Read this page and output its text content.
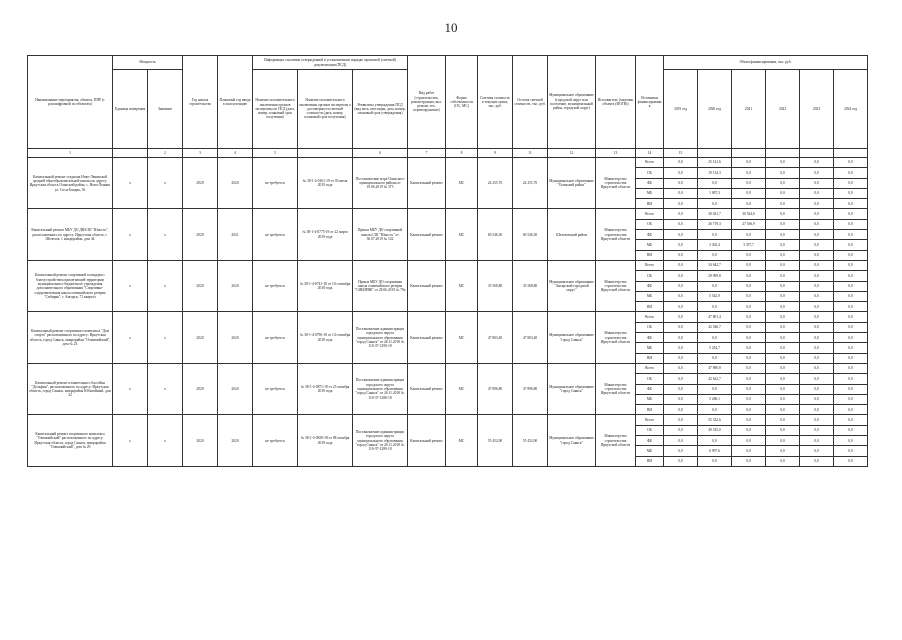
10
Наименование мероприятия, объекта, ППР (с расшифровкой по объектам)	Мощность		Год начала строительства	Плановый год ввода в эксплуатацию	Информация о наличии утвержденной в установленном порядке проектной (сметной) документации (ПСД)			Вид работ (строительство, реконструкция, вкл. ремонт, тех. перевооружение)	Форма собственности (ОС, МС)	Сметная стоимость в текущих ценах, тыс. руб.	Остаток сметной стоимости, тыс. руб.	Муниципальное образование (городской округ или поселение, муниципальный район, городской округ)	Исполнитель (заказчик объекта (ИОГВ))	Источники финансирования	Объем финансирования, тыс. руб.					
	Единица измерения	Значение			Наличие положительного заключения органов экспертизы по ПСД (дата, номер, плановый срок получения)	Наличие положительного заключения органов экспертизы о достоверности сметной стоимости (дата, номер, плановый срок получения)	Реквизиты утверждения ПСД (вид акта, кем издан, дата, номер, плановый срок утверждения)								2019 год	2020 год	2021	2022	2023	2024 год
1		2	3	4	5		6	7	8	9	11	12	13	14	15					
Капитальный ремонт стадиона Ново-Ленинской средней общеобразовательной школы по адресу: Иркутская область Осинский район, с. Ново-Ленино ул. Сосн-Базары, 56	х	х	2020	2020	не требуется	№ 38-1-4-0161-19 от 03 июля 2019 года	Постановление мэра Осинского муниципального района от 19.06.2019 № 373	Капитальный ремонт	МС	24 255,70	24 255,70	Муниципальное образование "Осинский район"	Министерство строительства Иркутской области	Всего	0,0	25 141,6	0,0	0,0	0,0	0,0
														ОБ	0,0	19 134,3	0,0	0,0	0,0	0,0
														ФБ	0,0	0,0	0,0	0,0	0,0	0,0
														МБ	0,0	1 007,3	0,0	0,0	0,0	0,0
														ВИ	0,0	0,0	0,0	0,0	0,0	0,0
Капитальный ремонт МБУ ДО ДЮСШ "Юность", расположенного по адресу: Иркутская область, г. Шелехов, 1 микрорайон, дом 44	х	х	2020	2021	не требуется	№ 38-1-4-0775-19 от 22 марта 2019 года	Приказ МБУ ДО спортивной школы СШ "Юность" от 30.07.2019 № 142	Капитальный ремонт	МС	60 546,30	60 546,30	Шелеховский район	Министерство строительства Иркутской области	Всего	0,0	30 021,7	30 524,6	0,0	0,0	0,0
														ОБ	0,0	26 719,3	27 166,9	0,0	0,0	0,0
														ФБ	0,0	0,0	0,0	0,0	0,0	0,0
														МБ	0,0	3 302,4	3 357,7	0,0	0,0	0,0
														ВИ	0,0	0,0	0,0	0,0	0,0	0,0
Капитальный ремонт спортивной площадки с благоустройством прилегающей территории муниципального бюджетного учреждения дополнительного образования "Спортивно-оздоровительная школа олимпийского резерва "Сибиряк", г. Ангарск, 71 квартал	х	х	2020	2020	не требуется	№ 38-1-4-0741-18 от 10 сентября 2018 года	Приказ МБУ ДО спортивная школа олимпийского резерва "СИБИРЯК" от 28.06.2019 № 79а	Капитальный ремонт	МС	35 568,80	35 568,80	Муниципальное образование "Ангарский городской округ"	Министерство строительства Иркутской области	Всего	0,0	34 642,7	0,0	0,0	0,0	0,0
														ОБ	0,0	29 099,8	0,0	0,0	0,0	0,0
														ФБ	0,0	0,0	0,0	0,0	0,0	0,0
														МБ	0,0	5 542,9	0,0	0,0	0,0	0,0
														ВИ	0,0	0,0	0,0	0,0	0,0	0,0
Капитальный ремонт спортивного комплекса "Дом спорта" расположенного по адресу: Иркутская область, город Саянск, микрорайон "Олимпийский", дом № 23	х	х	2020	2020	не требуется	№ 38-1-4-0796-18 от 14 сентября 2018 года	Постановление администрации городского округа муниципального образования "город Саянск" от 26.11.2018 № 110-37-1290-18	Капитальный ремонт	МС	47 803,40	47 803,40	Муниципальное образование "город Саянск"	Министерство строительства Иркутской области	Всего	0,0	47 801,4	0,0	0,0	0,0	0,0
														ОБ	0,0	42 546,7	0,0	0,0	0,0	0,0
														ФБ	0,0	0,0	0,0	0,0	0,0	0,0
														МБ	0,0	5 254,7	0,0	0,0	0,0	0,0
														ВИ	0,0	0,0	0,0	0,0	0,0	0,0
Капитальный ремонт плавательного бассейна "Дельфин", расположенного по адресу: Иркутская область, город Саянск, микрорайон Юбилейный, дом 32	х	х	2020	2020	не требуется	№ 38-1-4-0871-18 от 25 октября 2018 года	Постановление администрации городского округа муниципального образования "город Саянск" от 26.11.2018 № 110-37-1288-18	Капитальный ремонт	МС	47 896,80	47 896,80	Муниципальное образование "город Саянск"	Министерство строительства Иркутской области	Всего	0,0	47 890,8	0,0	0,0	0,0	0,0
														ОБ	0,0	42 622,7	0,0	0,0	0,0	0,0
														ФБ	0,0	0,0	0,0	0,0	0,0	0,0
														МБ	0,0	5 268,1	0,0	0,0	0,0	0,0
														ВИ	0,0	0,0	0,0	0,0	0,0	0,0
Капитальный ремонт спортивного комплекса "Олимпийский" расположенного по адресу: Иркутская область, город Саянск, микрорайон "Олимпийский", дом № 29	х	х	2020	2020	не требуется	№ 38-1-4-0829-18 от 08 октября 2018 года	Постановление администрации городского округа муниципального образования "город Саянск" от 26.11.2018 № 110-37-1289-18	Капитальный ремонт	МС	55 452,00	55 452,00	Муниципальное образование "город Саянск"	Министерство строительства Иркутской области	Всего	0,0	55 332,6	0,0	0,0	0,0	0,0
														ОБ	0,0	49 335,0	0,0	0,0	0,0	0,0
														ФБ	0,0	0,0	0,0	0,0	0,0	0,0
														МБ	0,0	6 997,6	0,0	0,0	0,0	0,0
														ВИ	0,0	0,0	0,0	0,0	0,0	0,0
